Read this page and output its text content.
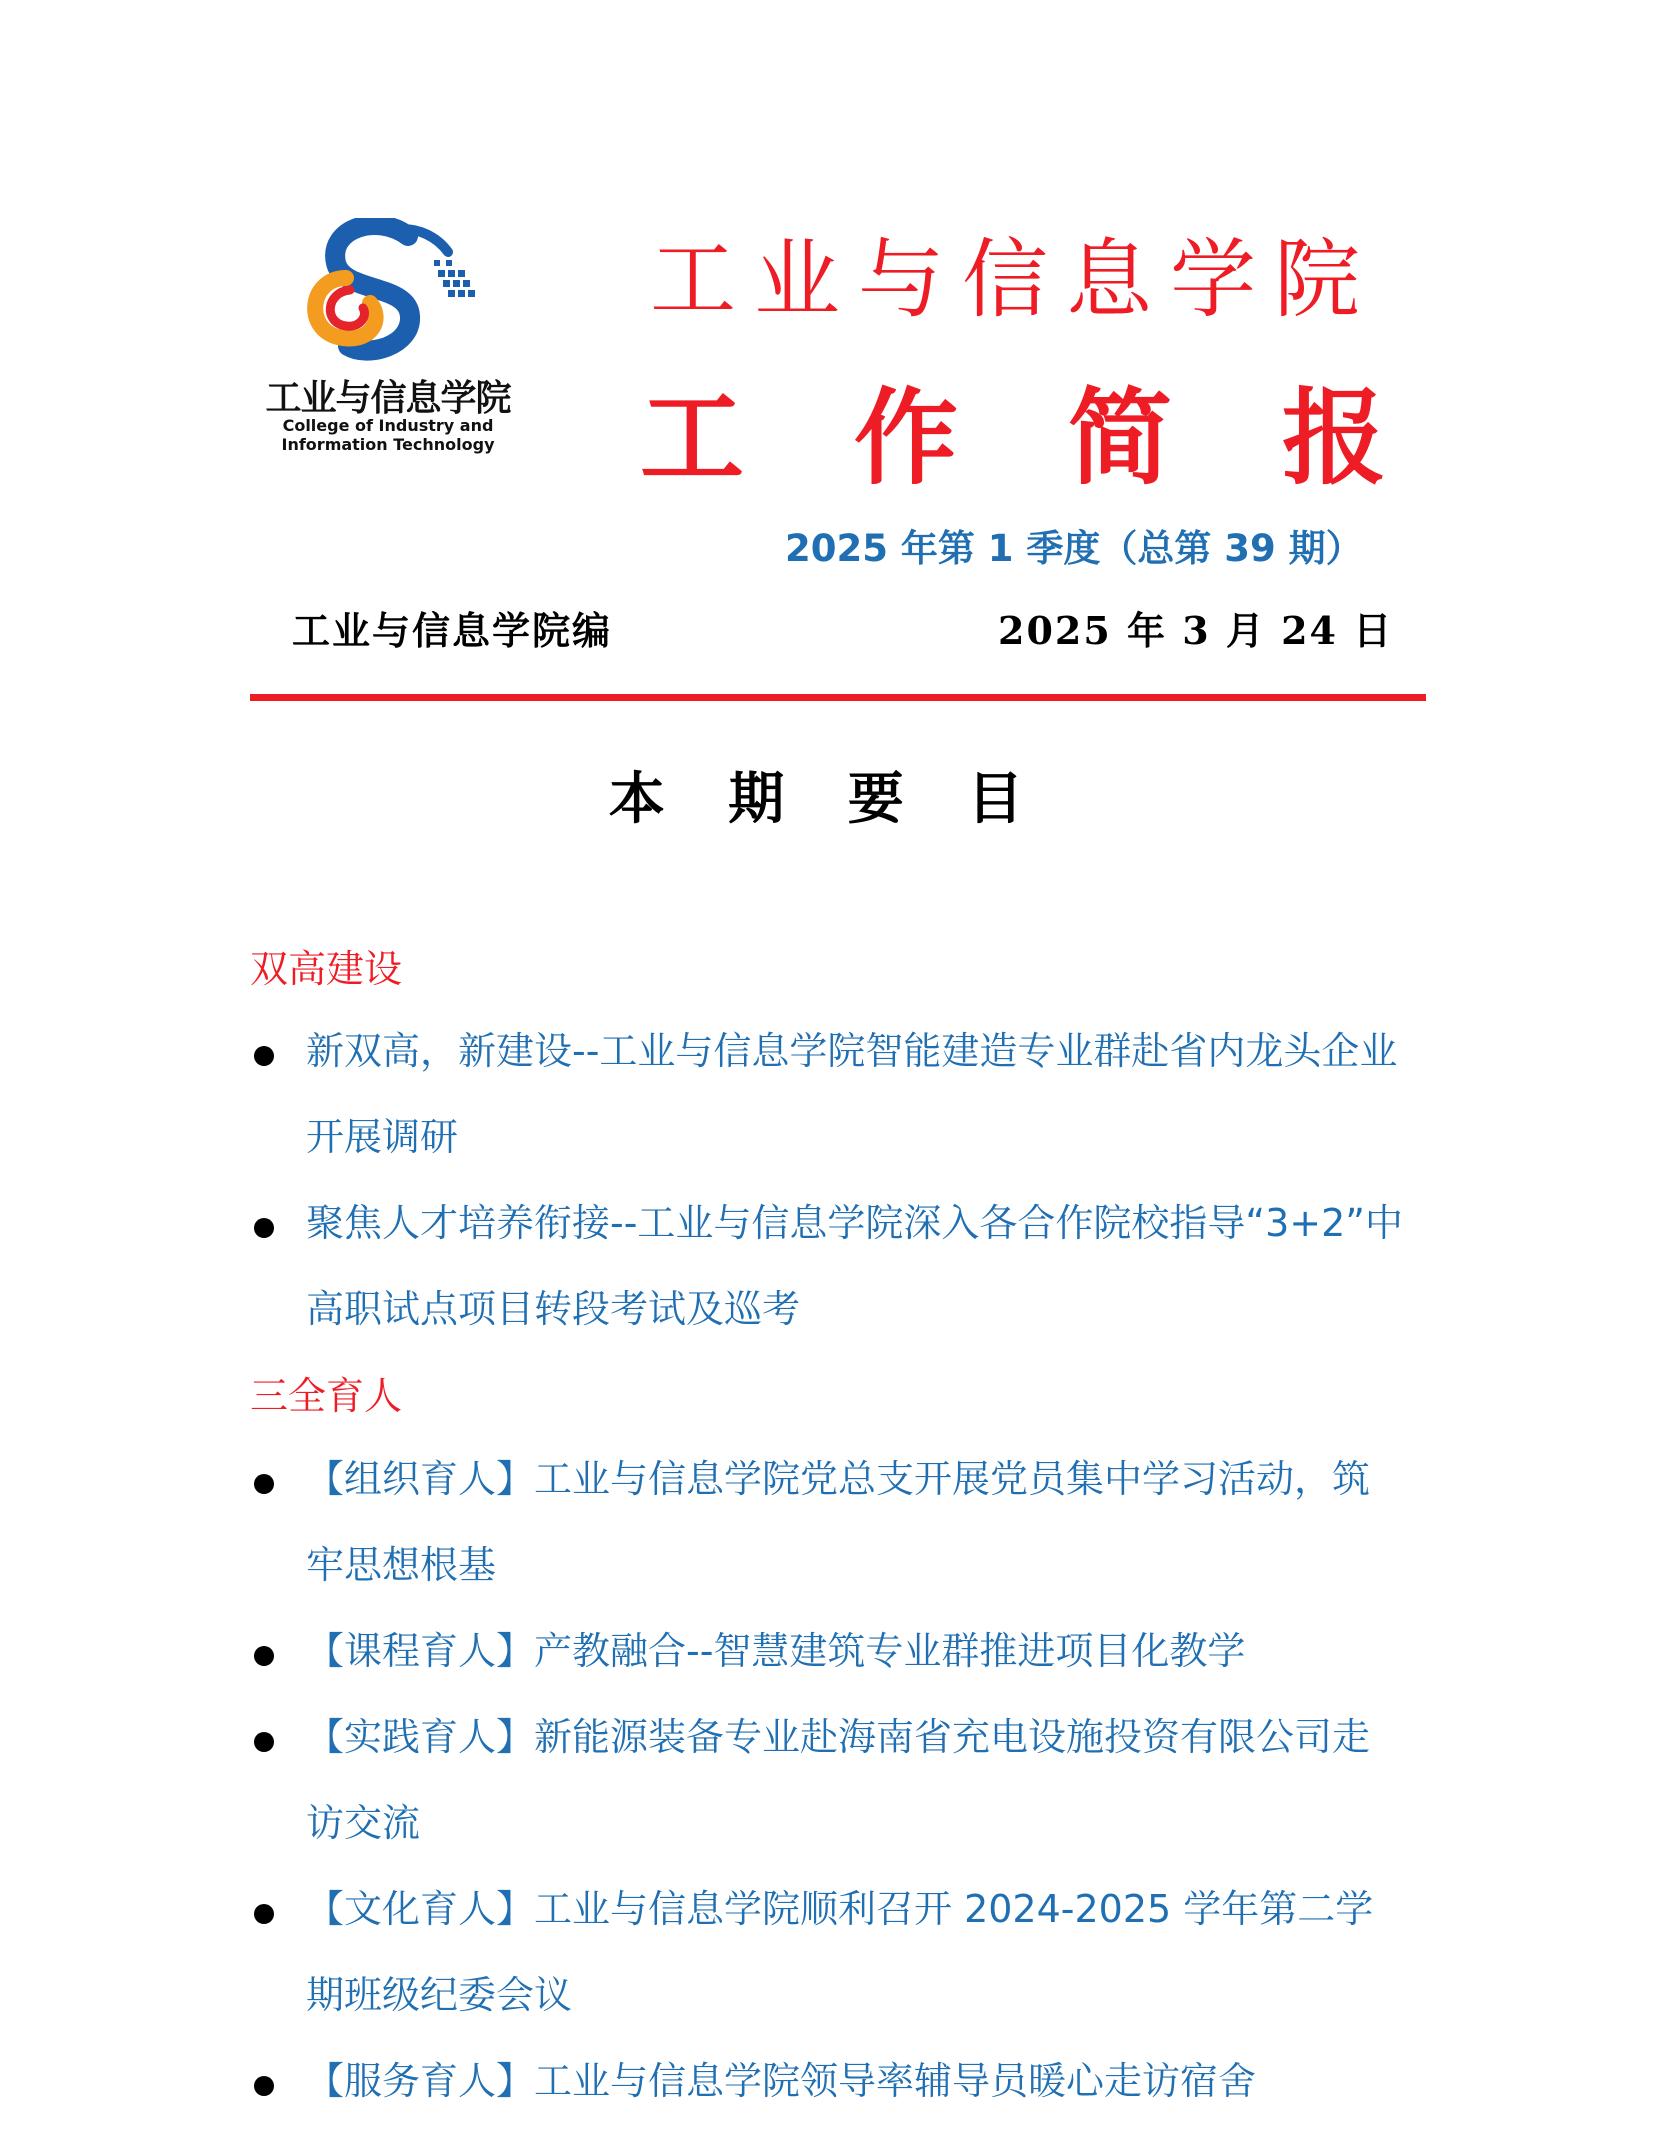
工业与信息学院
College of Industry and
Information Technology
工业与信息学院
工作简报
2025 年第 1 季度（总第 39 期）
工业与信息学院编	2025 年 3 月 24 日
本 期 要 目
双高建设
新双高，新建设--工业与信息学院智能建造专业群赴省内龙头企业开展调研
聚焦人才培养衔接--工业与信息学院深入各合作院校指导“3+2”中高职试点项目转段考试及巡考
三全育人
【组织育人】工业与信息学院党总支开展党员集中学习活动，筑牢思想根基
【课程育人】产教融合--智慧建筑专业群推进项目化教学
【实践育人】新能源装备专业赴海南省充电设施投资有限公司走访交流
【文化育人】工业与信息学院顺利召开 2024-2025 学年第二学期班级纪委会议
【服务育人】工业与信息学院领导率辅导员暖心走访宿舍
